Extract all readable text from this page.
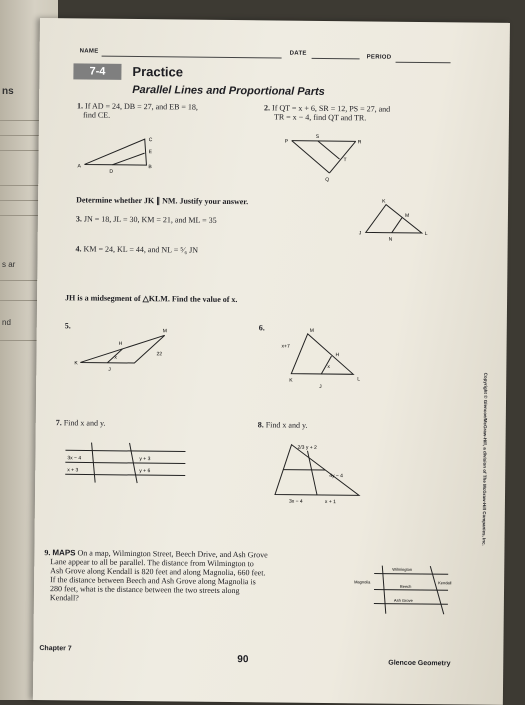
ns
s ar
nd
NAME	DATE
PERIOD
7-4	Practice
Parallel Lines and Proportional Parts
1. If AD = 24, DB = 27, and EB = 18,
find CE.
2. If QT = x + 6, SR = 12, PS = 27, and
TR = x − 4, find QT and TR.
C
E
A
D
B
P
S
R
T
Q
Determine whether JK ∥ NM. Justify your answer.
3. JN = 18, JL = 30, KM = 21, and ML = 35
4. KM = 24, KL = 44, and NL = ⁵⁄₆ JN
K
M
J
N
L
JH is a midsegment of △KLM. Find the value of x.
5.
M
H
K
J
x
22
6.	M
x+7
H
K
x
L
J
7. Find x and y.
3x − 4	y + 3
x + 3	y + 6
8. Find x and y.
2/3 y + 2
4y − 4
3x − 4	x + 1
9. MAPS On a map, Wilmington Street, Beech Drive, and Ash Grove
Lane appear to all be parallel. The distance from Wilmington to
Ash Grove along Kendall is 820 feet and along Magnolia, 660 feet.
If the distance between Beech and Ash Grove along Magnolia is
280 feet, what is the distance between the two streets along
Kendall?
Wilmington
Beech
Ash Grove
Magnolia	Kendall
Copyright © Glencoe/McGraw-Hill, a division of The McGraw-Hill Companies, Inc.
Chapter 7
90	Glencoe Geometry
